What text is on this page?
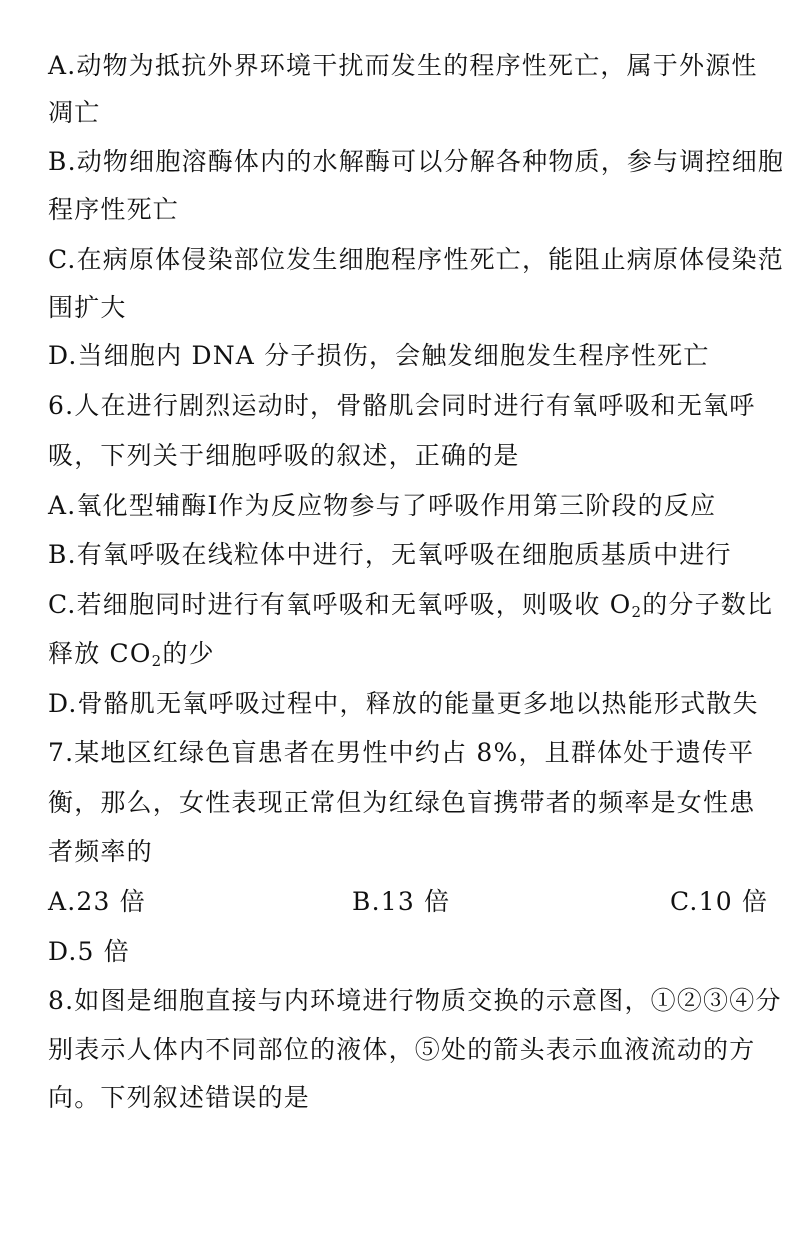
A.动物为抵抗外界环境干扰而发生的程序性死亡，属于外源性
凋亡
B.动物细胞溶酶体内的水解酶可以分解各种物质，参与调控细胞
程序性死亡
C.在病原体侵染部位发生细胞程序性死亡，能阻止病原体侵染范
围扩大
D.当细胞内 DNA 分子损伤，会触发细胞发生程序性死亡
6.人在进行剧烈运动时，骨骼肌会同时进行有氧呼吸和无氧呼
吸，下列关于细胞呼吸的叙述，正确的是
A.氧化型辅酶Ⅰ作为反应物参与了呼吸作用第三阶段的反应
B.有氧呼吸在线粒体中进行，无氧呼吸在细胞质基质中进行
C.若细胞同时进行有氧呼吸和无氧呼吸，则吸收 $O_2$的分子数比
释放 $CO_2$的少
D.骨骼肌无氧呼吸过程中，释放的能量更多地以热能形式散失
7.某地区红绿色盲患者在男性中约占 8%，且群体处于遗传平
衡，那么，女性表现正常但为红绿色盲携带者的频率是女性患
者频率的
A.23 倍	B.13 倍	C.10 倍
D.5 倍
8.如图是细胞直接与内环境进行物质交换的示意图，①②③④分
别表示人体内不同部位的液体，⑤处的箭头表示血液流动的方
向。下列叙述错误的是
